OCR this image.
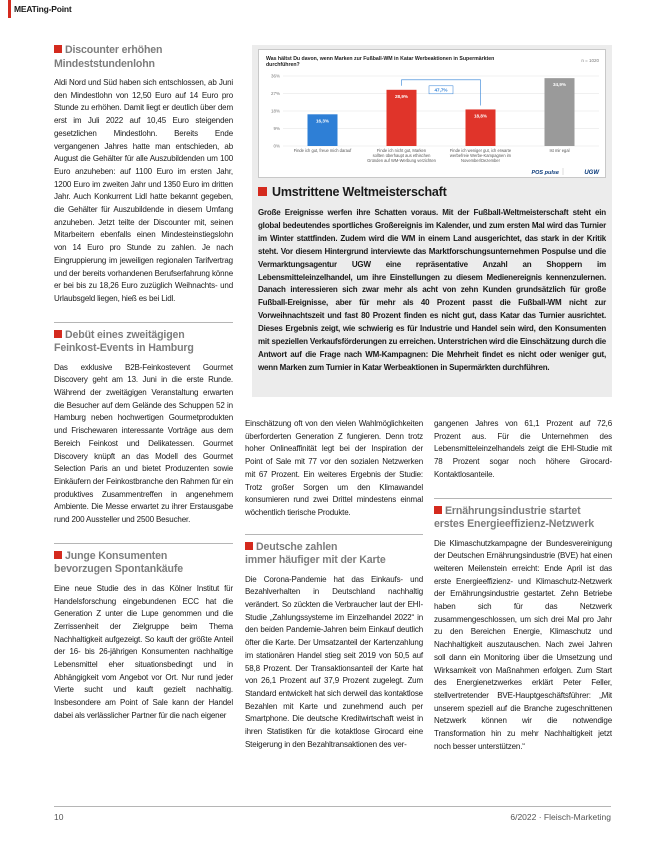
MEATing-Point
Discounter erhöhen
Mindeststundenlohn

Aldi Nord und Süd haben sich entschlossen, ab Juni den Mindestlohn von 12,50 Euro auf 14 Euro pro Stunde zu erhöhen. Damit liegt er deutlich über dem erst im Juli 2022 auf 10,45 Euro steigenden gesetzlichen Mindestlohn. Bereits Ende vergangenen Jahres hatte man entschieden, ab August die Gehälter für alle Auszubildenden um 100 Euro anzuheben: auf 1100 Euro im ersten Jahr, 1200 Euro im zweiten Jahr und 1350 Euro im dritten Jahr. Auch Konkurrent Lidl hatte bekannt gegeben, die Gehälter für Auszubildende in diesem Umfang anzuheben. Jetzt teilte der Discounter mit, seinen Mitarbeitern ebenfalls einen Mindesteinstiegslohn von 14 Euro pro Stunde zu zahlen. Je nach Eingruppierung im jeweiligen regionalen Tarifvertrag und der bereits vorhandenen Berufserfahrung könne er bei bis zu 18,26 Euro zuzüglich Weihnachts- und Urlaubsgeld liegen, hieß es bei Lidl.

Debüt eines zweitägigen
Feinkost-Events in Hamburg

Das exklusive B2B-Feinkostevent Gourmet Discovery geht am 13. Juni in die erste Runde. Während der zweitägigen Veranstaltung erwarten die Besucher auf dem Gelände des Schuppen 52 in Hamburg neben hochwertigen Gourmetprodukten und Frischewaren interessante Vorträge aus dem Bereich Feinkost und Delikatessen. Gourmet Discovery knüpft an das Modell des Gourmet Selection Paris an und bietet Produzenten sowie Einkäufern der Feinkostbranche den Rahmen für ein produktives Zusammentreffen in angenehmem Ambiente. Die Messe erwartet zu ihrer Erstausgabe rund 200 Aussteller und 2500 Besucher.

Junge Konsumenten
bevorzugen Spontankäufe

Eine neue Studie des in das Kölner Institut für Handelsforschung eingebundenen ECC hat die Generation Z unter die Lupe genommen und die Zerrissenheit der Zielgruppe beim Thema Nachhaltigkeit aufgezeigt. So kauft der größte Anteil der 16- bis 26-jährigen Konsumenten nachhaltige Lebensmittel eher situationsbedingt und in Abhängigkeit vom Angebot vor Ort. Nur rund jeder Vierte sucht und kauft gezielt nachhaltig. Insbesondere am Point of Sale kann der Handel dabei als verlässlicher Partner für die nach eigener

Was hältst Du davon, wenn Marken zur Fußball-WM in Katar Werbeaktionen in Supermärkten
durchführen?
n = 1020
0%
9%
18%
27%
36%
16,3%
28,9%
18,8%
34,9%
Finde ich gut, freue mich darauf	Finde ich nicht gut, Marken
sollten überhaupt aus ethischen
Gründen auf WM-Werbung verzichten
Finde ich weniger gut, ich erwarte
werbefreie Werbe-Kampagnen im
November/Dezember
Ist mir egal
47,7%
POS pulse	UGW
Umstrittene Weltmeisterschaft

Große Ereignisse werfen ihre Schatten voraus. Mit der Fußball-Weltmeisterschaft steht ein global bedeutendes sportliches Großereignis im Kalender, und zum ersten Mal wird das Turnier im Winter stattfinden. Zudem wird die WM in einem Land ausgerichtet, das stark in der Kritik steht. Vor diesem Hintergrund interviewte das Marktforschungsunternehmen Pospulse und die Vermarktungsagentur UGW eine repräsentative Anzahl an Shoppern im Lebensmitteleinzelhandel, um ihre Einstellungen zu diesem Medienereignis kennenzulernen. Danach interessieren sich zwar mehr als acht von zehn Kunden grundsätzlich für große Fußball-Ereignisse, aber für mehr als 40 Prozent passt die Fußball-WM nicht zur Vorweihnachtszeit und fast 80 Prozent finden es nicht gut, dass Katar das Turnier ausrichtet. Dieses Ergebnis zeigt, wie schwierig es für Industrie und Handel sein wird, den Konsumenten mit speziellen Verkaufsförderungen zu erreichen. Unterstrichen wird die Einschätzung durch die Antwort auf die Frage nach WM-Kampagnen: Die Mehrheit findet es nicht oder weniger gut, wenn Marken zum Turnier in Katar Werbeaktionen in Supermärkten durchführen.

Einschätzung oft von den vielen Wahlmöglichkeiten überforderten Generation Z fungieren. Denn trotz hoher Onlineaffinität legt bei der Inspiration der Point of Sale mit 77 vor den sozialen Netzwerken mit 67 Prozent. Ein weiteres Ergebnis der Studie: Trotz großer Sorgen um den Klimawandel konsumieren rund zwei Drittel mindestens einmal wöchentlich tierische Produkte.

Deutsche zahlen
immer häufiger mit der Karte

Die Corona-Pandemie hat das Einkaufs- und Bezahlverhalten in Deutschland nachhaltig verändert. So zückten die Verbraucher laut der EHI-Studie „Zahlungssysteme im Einzelhandel 2022“ in den beiden Pandemie-Jahren beim Einkauf deutlich öfter die Karte. Der Umsatzanteil der Kartenzahlung im stationären Handel stieg seit 2019 von 50,5 auf 58,8 Prozent. Der Transaktionsanteil der Karte hat von 26,1 Prozent auf 37,9 Prozent zugelegt. Zum Standard entwickelt hat sich derweil das kontaktlose Bezahlen mit Karte und zunehmend auch per Smartphone. Die deutsche Kreditwirtschaft weist in ihren Statistiken für die kotaktlose Girocard eine Steigerung in den Bezahltransaktionen des ver-

gangenen Jahres von 61,1 Prozent auf 72,6 Prozent aus. Für die Unternehmen des Lebensmitteleinzelhandels zeigt die EHI-Studie mit 78 Prozent sogar noch höhere Girocard-Kontaktlosanteile.

Ernährungsindustrie startet
erstes Energieeffizienz-Netzwerk

Die Klimaschutzkampagne der Bundesvereinigung der Deutschen Ernährungsindustrie (BVE) hat einen weiteren Meilenstein erreicht: Ende April ist das erste Energieeffizienz- und Klimaschutz-Netzwerk der Ernährungsindustrie gestartet. Zehn Betriebe haben sich für das Netzwerk zusammengeschlossen, um sich drei Mal pro Jahr zu den Bereichen Energie, Klimaschutz und Nachhaltigkeit auszutauschen. Nach zwei Jahren soll dann ein Monitoring über die Umsetzung und Wirksamkeit von Maßnahmen erfolgen. Zum Start des Energienetzwerkes erklärt Peter Feller, stellvertretender BVE-Hauptgeschäftsführer: „Mit unserem speziell auf die Branche zugeschnittenen Netzwerk können wir die notwendige Transformation hin zu mehr Nachhaltigkeit jetzt noch besser unterstützen.“

10	6/2022 · Fleisch-Marketing
